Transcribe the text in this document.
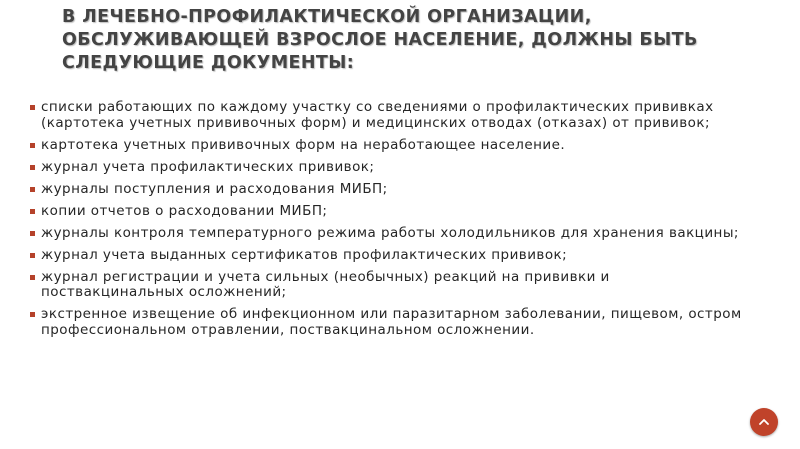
В ЛЕЧЕБНО-ПРОФИЛАКТИЧЕСКОЙ ОРГАНИЗАЦИИ,
ОБСЛУЖИВАЮЩЕЙ ВЗРОСЛОЕ НАСЕЛЕНИЕ, ДОЛЖНЫ БЫТЬ
СЛЕДУЮЩИЕ ДОКУМЕНТЫ:
списки работающих по каждому участку со сведениями о профилактических прививках (картотека учетных прививочных форм) и медицинских отводах (отказах) от прививок;
картотека учетных прививочных форм на неработающее население.
журнал учета профилактических прививок;
журналы поступления и расходования МИБП;
копии отчетов о расходовании МИБП;
журналы контроля температурного режима работы холодильников для хранения вакцины;
журнал учета выданных сертификатов профилактических прививок;
журнал регистрации и учета сильных (необычных) реакций на прививки и поствакцинальных осложнений;
экстренное извещение об инфекционном или паразитарном заболевании, пищевом, остром профессиональном отравлении, поствакцинальном осложнении.
